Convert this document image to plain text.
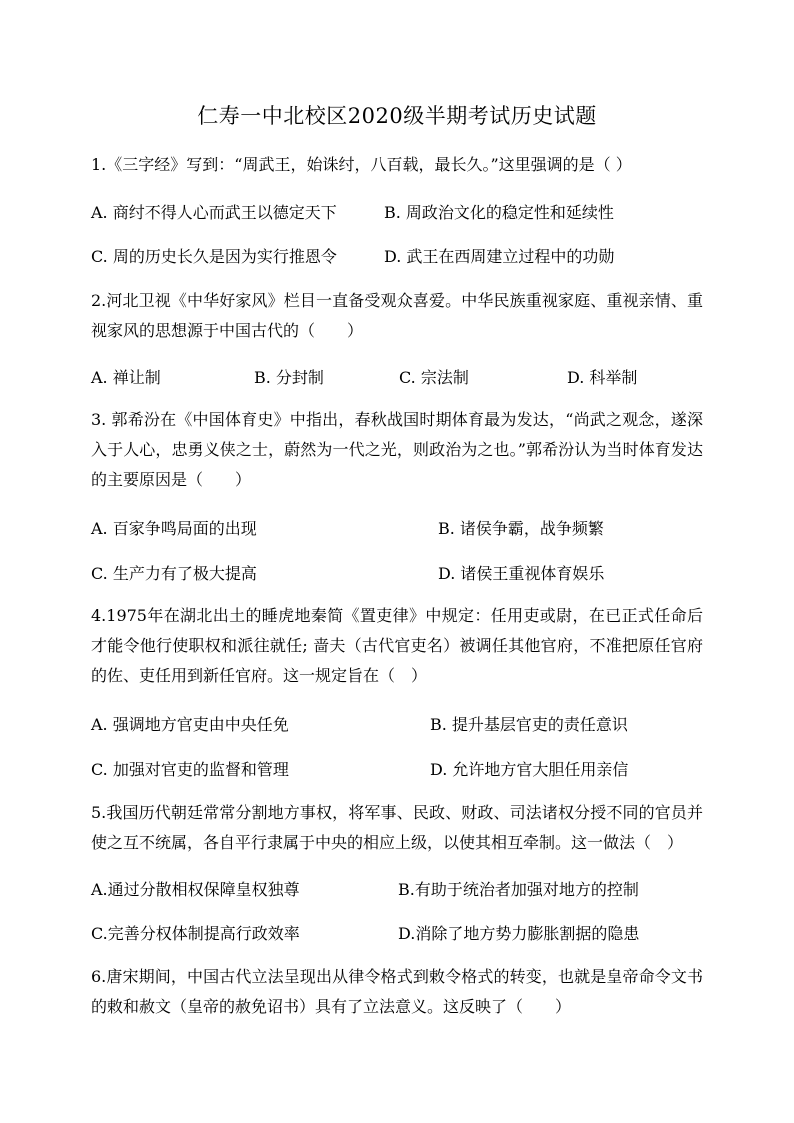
仁寿一中北校区2020级半期考试历史试题
1.《三字经》写到：“周武王，始诛纣，八百载，最长久。”这里强调的是（ ）
A. 商纣不得人心而武王以德定天下	B. 周政治文化的稳定性和延续性
C. 周的历史长久是因为实行推恩令	D. 武王在西周建立过程中的功勋
2.河北卫视《中华好家风》栏目一直备受观众喜爱。中华民族重视家庭、重视亲情、重视家风的思想源于中国古代的（　　）
A. 禅让制	B. 分封制	C. 宗法制	D. 科举制
3. 郭希汾在《中国体育史》中指出，春秋战国时期体育最为发达，“尚武之观念，遂深入于人心，忠勇义侠之士，蔚然为一代之光，则政治为之也。”郭希汾认为当时体育发达的主要原因是（　　）
A. 百家争鸣局面的出现	B. 诸侯争霸，战争频繁
C. 生产力有了极大提高	D. 诸侯王重视体育娱乐
4.1975年在湖北出土的睡虎地秦简《置吏律》中规定：任用吏或尉，在已正式任命后才能令他行使职权和派往就任; 啬夫（古代官吏名）被调任其他官府，不准把原任官府的佐、吏任用到新任官府。这一规定旨在（　）
A. 强调地方官吏由中央任免	B. 提升基层官吏的责任意识
C. 加强对官吏的监督和管理	D. 允许地方官大胆任用亲信
5.我国历代朝廷常常分割地方事权，将军事、民政、财政、司法诸权分授不同的官员并使之互不统属，各自平行隶属于中央的相应上级，以使其相互牵制。这一做法（　）
A.通过分散相权保障皇权独尊	B.有助于统治者加强对地方的控制
C.完善分权体制提高行政效率	D.消除了地方势力膨胀割据的隐患
6.唐宋期间，中国古代立法呈现出从律令格式到敕令格式的转变，也就是皇帝命令文书的敕和赦文（皇帝的赦免诏书）具有了立法意义。这反映了（　　）
